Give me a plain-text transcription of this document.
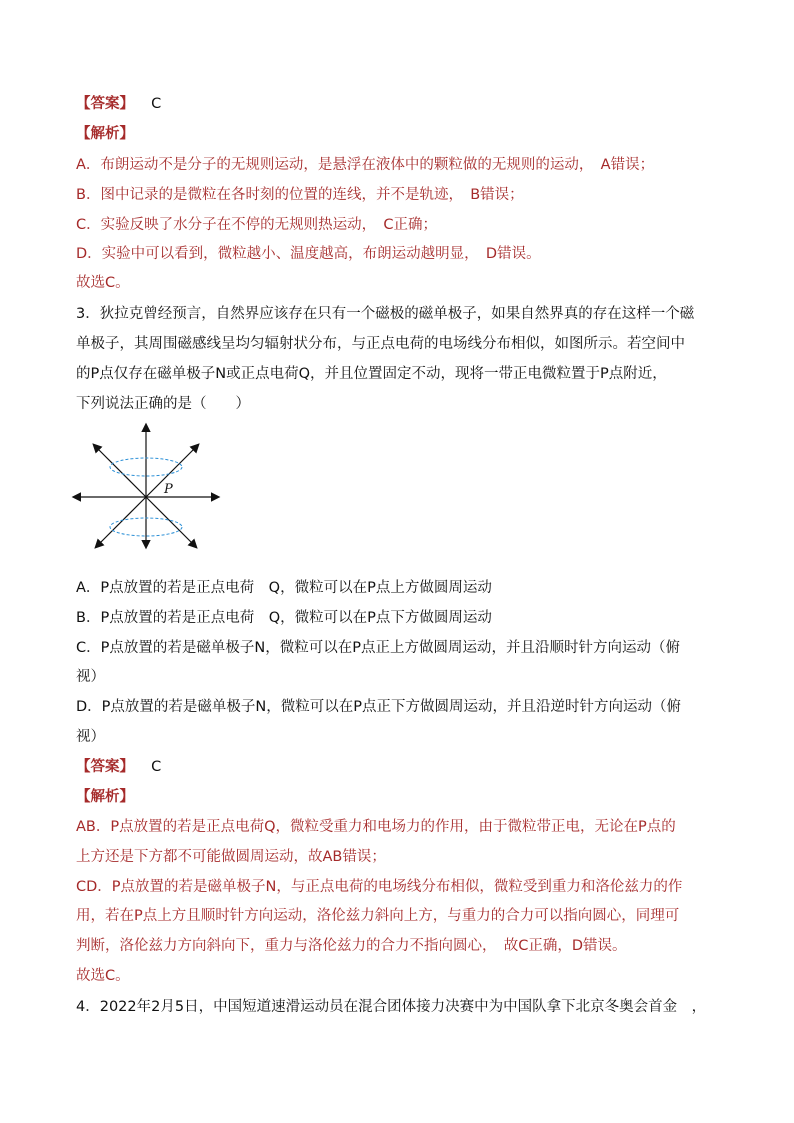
【答案】 C
【解析】
A．布朗运动不是分子的无规则运动，是悬浮在液体中的颗粒做的无规则的运动，　A错误；
B．图中记录的是微粒在各时刻的位置的连线，并不是轨迹，　B错误；
C．实验反映了水分子在不停的无规则热运动，　C正确；
D．实验中可以看到，微粒越小、温度越高，布朗运动越明显，　D错误。
故选C。
3．狄拉克曾经预言，自然界应该存在只有一个磁极的磁单极子，如果自然界真的存在这样一个磁
单极子，其周围磁感线呈均匀辐射状分布，与正点电荷的电场线分布相似，如图所示。若空间中
的P点仅存在磁单极子N或正点电荷Q，并且位置固定不动，现将一带正电微粒置于P点附近，
下列说法正确的是（　　）
P
A．P点放置的若是正点电荷　Q，微粒可以在P点上方做圆周运动
B．P点放置的若是正点电荷　Q，微粒可以在P点下方做圆周运动
C．P点放置的若是磁单极子N，微粒可以在P点正上方做圆周运动，并且沿顺时针方向运动（俯
视）
D．P点放置的若是磁单极子N，微粒可以在P点正下方做圆周运动，并且沿逆时针方向运动（俯
视）
【答案】 C
【解析】
AB．P点放置的若是正点电荷Q，微粒受重力和电场力的作用，由于微粒带正电，无论在P点的
上方还是下方都不可能做圆周运动，故AB错误；
CD．P点放置的若是磁单极子N，与正点电荷的电场线分布相似，微粒受到重力和洛伦兹力的作
用，若在P点上方且顺时针方向运动，洛伦兹力斜向上方，与重力的合力可以指向圆心，同理可
判断，洛伦兹力方向斜向下，重力与洛伦兹力的合力不指向圆心，　故C正确，D错误。
故选C。
4．2022年2月5日，中国短道速滑运动员在混合团体接力决赛中为中国队拿下北京冬奥会首金　，
